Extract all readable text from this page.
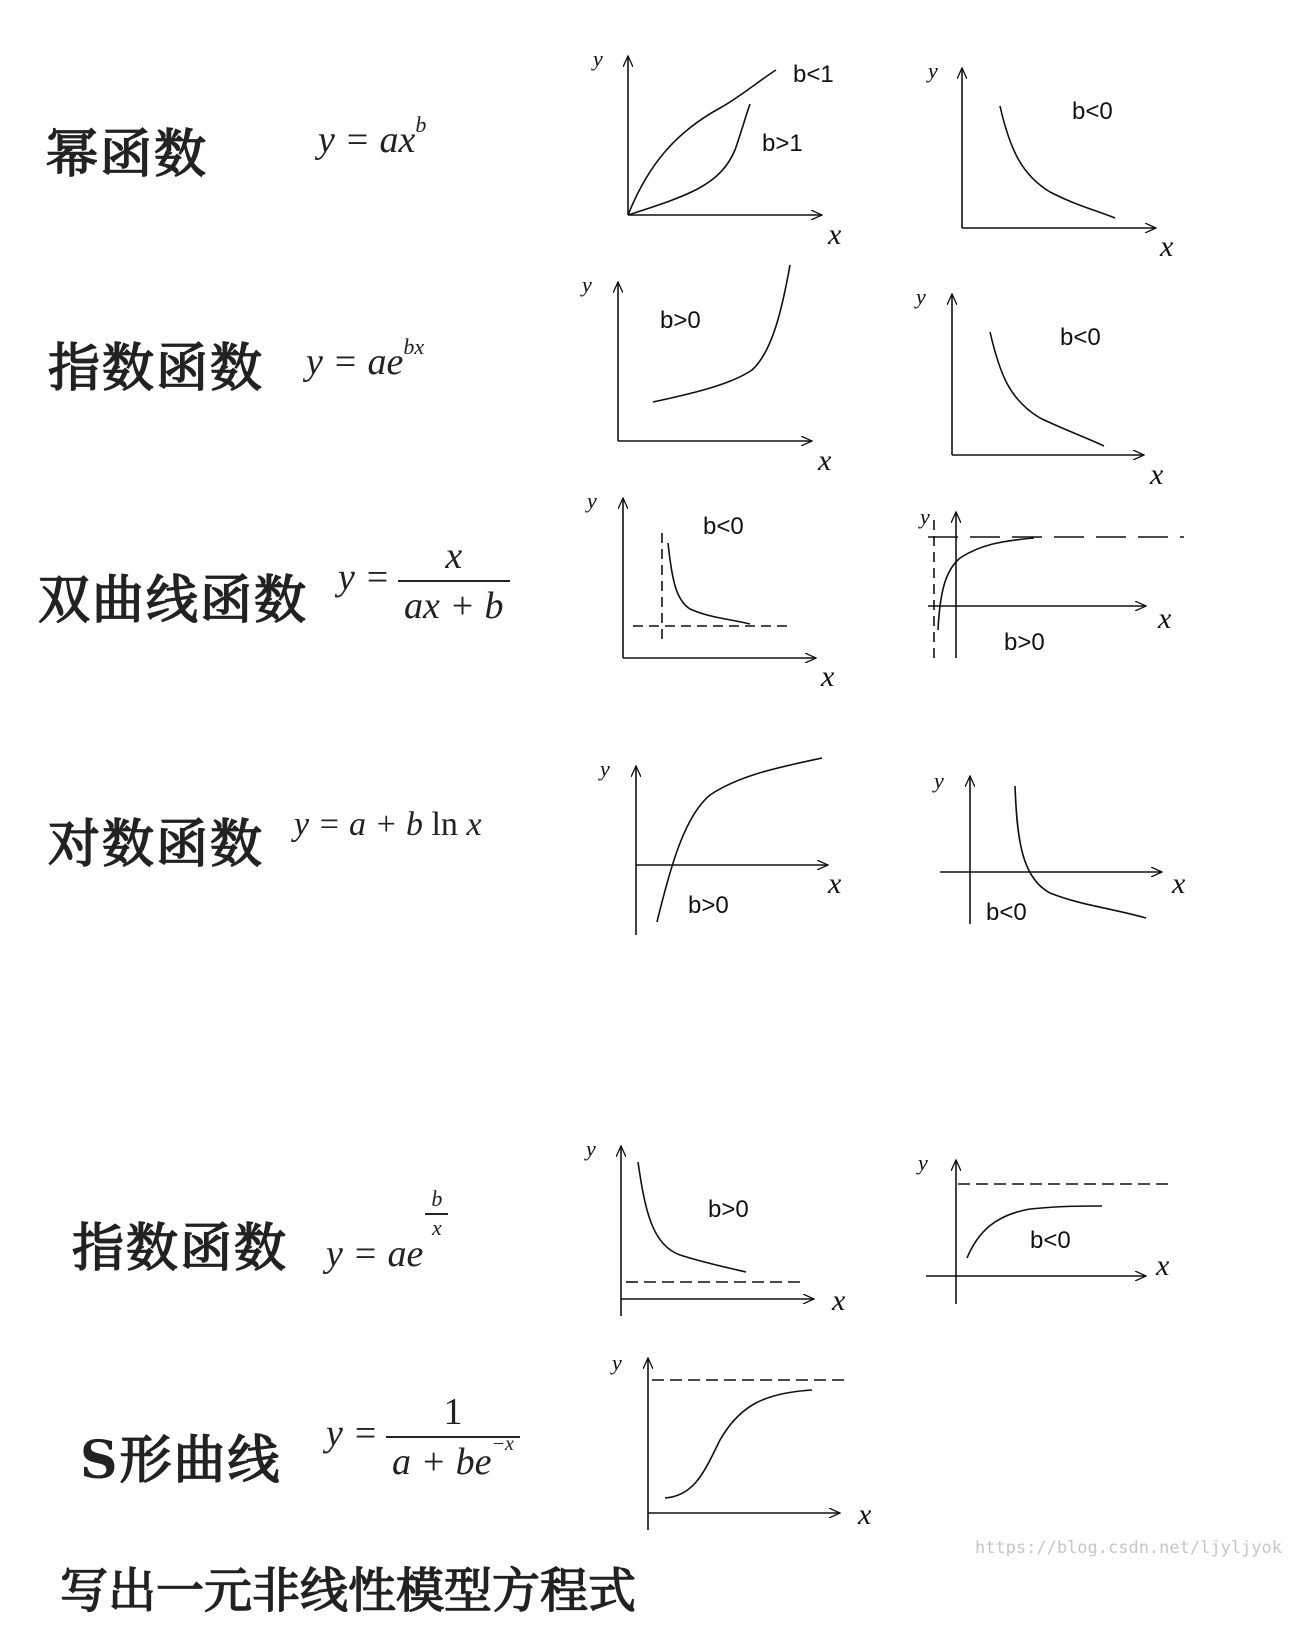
幂函数	$y = ax^b$
指数函数 $y = ae^{bx}$
双曲线函数 $y = \frac{x}{ax + b}$
对数函数 y = a + b ln x
指数函数 y = ae
$\frac{b}{x}$
S形曲线 $y = \frac{1}{a + be^{-x}}$
b<1
b>1
b<0
b>0
b<0
b<0
b>0
b>0	b<0
b>0
b<0
y
x
y
x
y
x
y
x
y
x
y
x
y
x
y
x
y
x
y
x
y
x
https://blog.csdn.net/ljyljyok
写出一元非线性模型方程式
